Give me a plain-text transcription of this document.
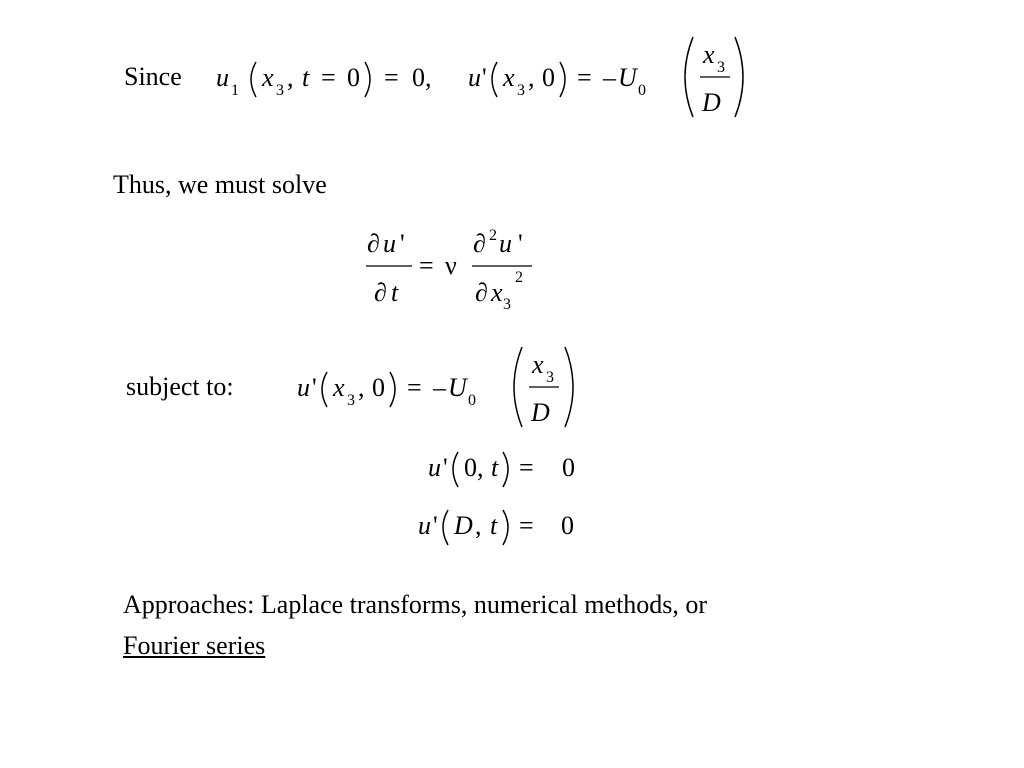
Since u 1 x 3 , t = 0 = 0, u ' x 3 , 0 = – U 0
x 3
D
Thus, we must solve
∂ u '
∂ t
= ν
∂ 2 u '
∂ x 3
2
subject to: u ' x 3 , 0 = – U 0
x 3
D
u ' 0, t = 0
u ' D , t = 0
Approaches: Laplace transforms, numerical methods, or
Fourier series
